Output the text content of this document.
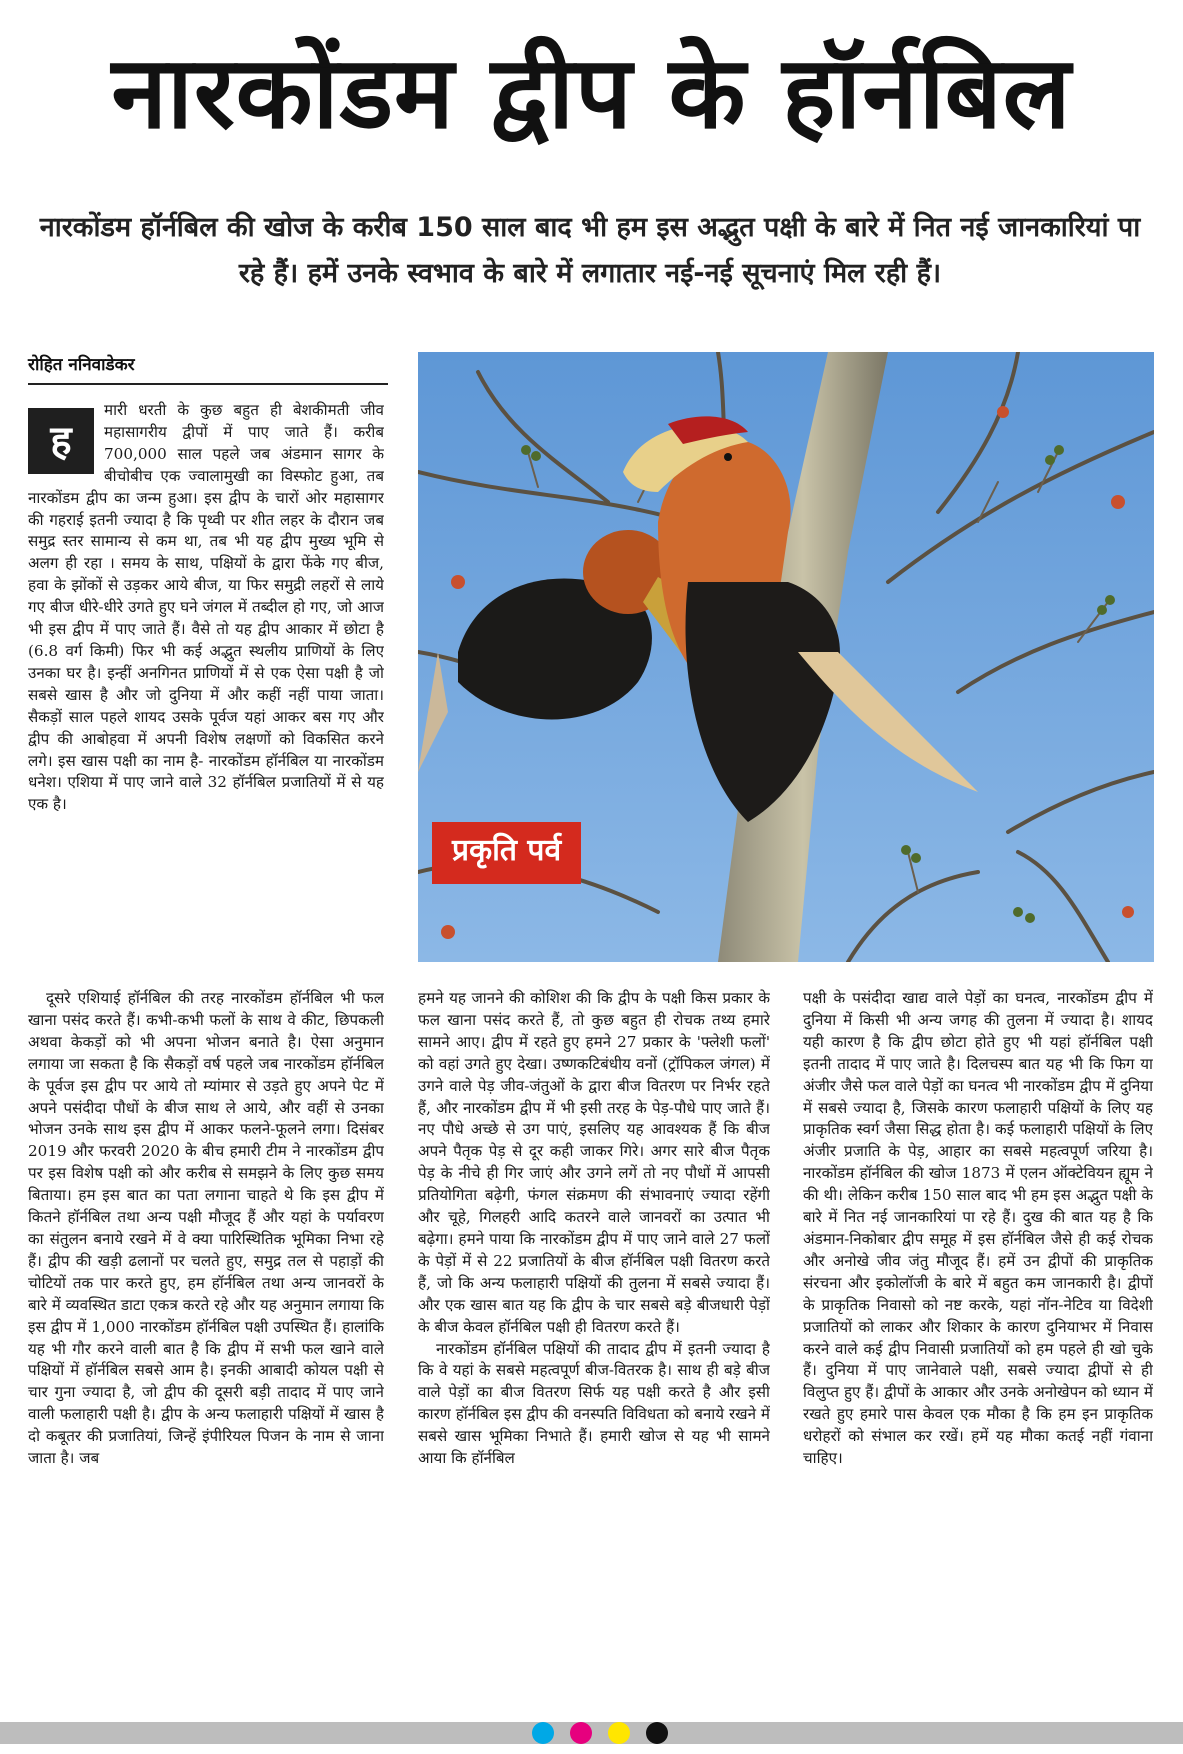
नारकोंडम द्वीप के हॉर्नबिल

नारकोंडम हॉर्नबिल की खोज के करीब 150 साल बाद भी हम इस अद्भुत पक्षी के बारे में नित नई जानकारियां पा रहे हैं। हमें उनके स्वभाव के बारे में लगातार नई-नई सूचनाएं मिल रही हैं।

रोहित ननिवाडेकर
ह

मारी धरती के कुछ बहुत ही बेशकीमती जीव महासागरीय द्वीपों में पाए जाते हैं। करीब 700,000 साल पहले जब अंडमान सागर के बीचोबीच एक ज्वालामुखी का विस्फोट हुआ, तब नारकोंडम द्वीप का जन्म हुआ। इस द्वीप के चारों ओर महासागर की गहराई इतनी ज्यादा है कि पृथ्वी पर शीत लहर के दौरान जब समुद्र स्तर सामान्य से कम था, तब भी यह द्वीप मुख्य भूमि से अलग ही रहा । समय के साथ, पक्षियों के द्वारा फेंके गए बीज, हवा के झोंकों से उड़कर आये बीज, या फिर समुद्री लहरों से लाये गए बीज धीरे-धीरे उगते हुए घने जंगल में तब्दील हो गए, जो आज भी इस द्वीप में पाए जाते हैं। वैसे तो यह द्वीप आकार में छोटा है (6.8 वर्ग किमी) फिर भी कई अद्भुत स्थलीय प्राणियों के लिए उनका घर है। इन्हीं अनगिनत प्राणियों में से एक ऐसा पक्षी है जो सबसे खास है और जो दुनिया में और कहीं नहीं पाया जाता। सैकड़ों साल पहले शायद उसके पूर्वज यहां आकर बस गए और द्वीप की आबोहवा में अपनी विशेष लक्षणों को विकसित करने लगे। इस खास पक्षी का नाम है- नारकोंडम हॉर्नबिल या नारकोंडम धनेश। एशिया में पाए जाने वाले 32 हॉर्नबिल प्रजातियों में से यह एक है।

प्रकृति पर्व

दूसरे एशियाई हॉर्नबिल की तरह नारकोंडम हॉर्नबिल भी फल खाना पसंद करते हैं। कभी-कभी फलों के साथ वे कीट, छिपकली अथवा केकड़ों को भी अपना भोजन बनाते है। ऐसा अनुमान लगाया जा सकता है कि सैकड़ों वर्ष पहले जब नारकोंडम हॉर्नबिल के पूर्वज इस द्वीप पर आये तो म्यांमार से उड़ते हुए अपने पेट में अपने पसंदीदा पौधों के बीज साथ ले आये, और वहीं से उनका भोजन उनके साथ इस द्वीप में आकर फलने-फूलने लगा। दिसंबर 2019 और फरवरी 2020 के बीच हमारी टीम ने नारकोंडम द्वीप पर इस विशेष पक्षी को और करीब से समझने के लिए कुछ समय बिताया। हम इस बात का पता लगाना चाहते थे कि इस द्वीप में कितने हॉर्नबिल तथा अन्य पक्षी मौजूद हैं और यहां के पर्यावरण का संतुलन बनाये रखने में वे क्या पारिस्थितिक भूमिका निभा रहे हैं। द्वीप की खड़ी ढलानों पर चलते हुए, समुद्र तल से पहाड़ों की चोटियों तक पार करते हुए, हम हॉर्नबिल तथा अन्य जानवरों के बारे में व्यवस्थित डाटा एकत्र करते रहे और यह अनुमान लगाया कि इस द्वीप में 1,000 नारकोंडम हॉर्नबिल पक्षी उपस्थित हैं। हालांकि यह भी गौर करने वाली बात है कि द्वीप में सभी फल खाने वाले पक्षियों में हॉर्नबिल सबसे आम है। इनकी आबादी कोयल पक्षी से चार गुना ज्यादा है, जो द्वीप की दूसरी बड़ी तादाद में पाए जाने वाली फलाहारी पक्षी है। द्वीप के अन्य फलाहारी पक्षियों में खास है दो कबूतर की प्रजातियां, जिन्हें इंपीरियल पिजन के नाम से जाना जाता है। जब

हमने यह जानने की कोशिश की कि द्वीप के पक्षी किस प्रकार के फल खाना पसंद करते हैं, तो कुछ बहुत ही रोचक तथ्य हमारे सामने आए। द्वीप में रहते हुए हमने 27 प्रकार के 'फ्लेशी फलों' को वहां उगते हुए देखा। उष्णकटिबंधीय वनों (ट्रॉपिकल जंगल) में उगने वाले पेड़ जीव-जंतुओं के द्वारा बीज वितरण पर निर्भर रहते हैं, और नारकोंडम द्वीप में भी इसी तरह के पेड़-पौधे पाए जाते हैं। नए पौधे अच्छे से उग पाएं, इसलिए यह आवश्यक हैं कि बीज अपने पैतृक पेड़ से दूर कही जाकर गिरे। अगर सारे बीज पैतृक पेड़ के नीचे ही गिर जाएं और उगने लगें तो नए पौधों में आपसी प्रतियोगिता बढ़ेगी, फंगल संक्रमण की संभावनाएं ज्यादा रहेंगी और चूहे, गिलहरी आदि कतरने वाले जानवरों का उत्पात भी बढ़ेगा। हमने पाया कि नारकोंडम द्वीप में पाए जाने वाले 27 फलों के पेड़ों में से 22 प्रजातियों के बीज हॉर्नबिल पक्षी वितरण करते हैं, जो कि अन्य फलाहारी पक्षियों की तुलना में सबसे ज्यादा हैं। और एक खास बात यह कि द्वीप के चार सबसे बड़े बीजधारी पेड़ों के बीज केवल हॉर्नबिल पक्षी ही वितरण करते हैं।

नारकोंडम हॉर्नबिल पक्षियों की तादाद द्वीप में इतनी ज्यादा है कि वे यहां के सबसे महत्वपूर्ण बीज-वितरक है। साथ ही बड़े बीज वाले पेड़ों का बीज वितरण सिर्फ यह पक्षी करते है और इसी कारण हॉर्नबिल इस द्वीप की वनस्पति विविधता को बनाये रखने में सबसे खास भूमिका निभाते हैं। हमारी खोज से यह भी सामने आया कि हॉर्नबिल

पक्षी के पसंदीदा खाद्य वाले पेड़ों का घनत्व, नारकोंडम द्वीप में दुनिया में किसी भी अन्य जगह की तुलना में ज्यादा है। शायद यही कारण है कि द्वीप छोटा होते हुए भी यहां हॉर्नबिल पक्षी इतनी तादाद में पाए जाते है। दिलचस्प बात यह भी कि फिग या अंजीर जैसे फल वाले पेड़ों का घनत्व भी नारकोंडम द्वीप में दुनिया में सबसे ज्यादा है, जिसके कारण फलाहारी पक्षियों के लिए यह प्राकृतिक स्वर्ग जैसा सिद्ध होता है। कई फलाहारी पक्षियों के लिए अंजीर प्रजाति के पेड़, आहार का सबसे महत्वपूर्ण जरिया है। नारकोंडम हॉर्नबिल की खोज 1873 में एलन ऑक्टेवियन ह्यूम ने की थी। लेकिन करीब 150 साल बाद भी हम इस अद्भुत पक्षी के बारे में नित नई जानकारियां पा रहे हैं। दुख की बात यह है कि अंडमान-निकोबार द्वीप समूह में इस हॉर्नबिल जैसे ही कई रोचक और अनोखे जीव जंतु मौजूद हैं। हमें उन द्वीपों की प्राकृतिक संरचना और इकोलॉजी के बारे में बहुत कम जानकारी है। द्वीपों के प्राकृतिक निवासो को नष्ट करके, यहां नॉन-नेटिव या विदेशी प्रजातियों को लाकर और शिकार के कारण दुनियाभर में निवास करने वाले कई द्वीप निवासी प्रजातियों को हम पहले ही खो चुके हैं। दुनिया में पाए जानेवाले पक्षी, सबसे ज्यादा द्वीपों से ही विलुप्त हुए हैं। द्वीपों के आकार और उनके अनोखेपन को ध्यान में रखते हुए हमारे पास केवल एक मौका है कि हम इन प्राकृतिक धरोहरों को संभाल कर रखें। हमें यह मौका कतई नहीं गंवाना चाहिए।
